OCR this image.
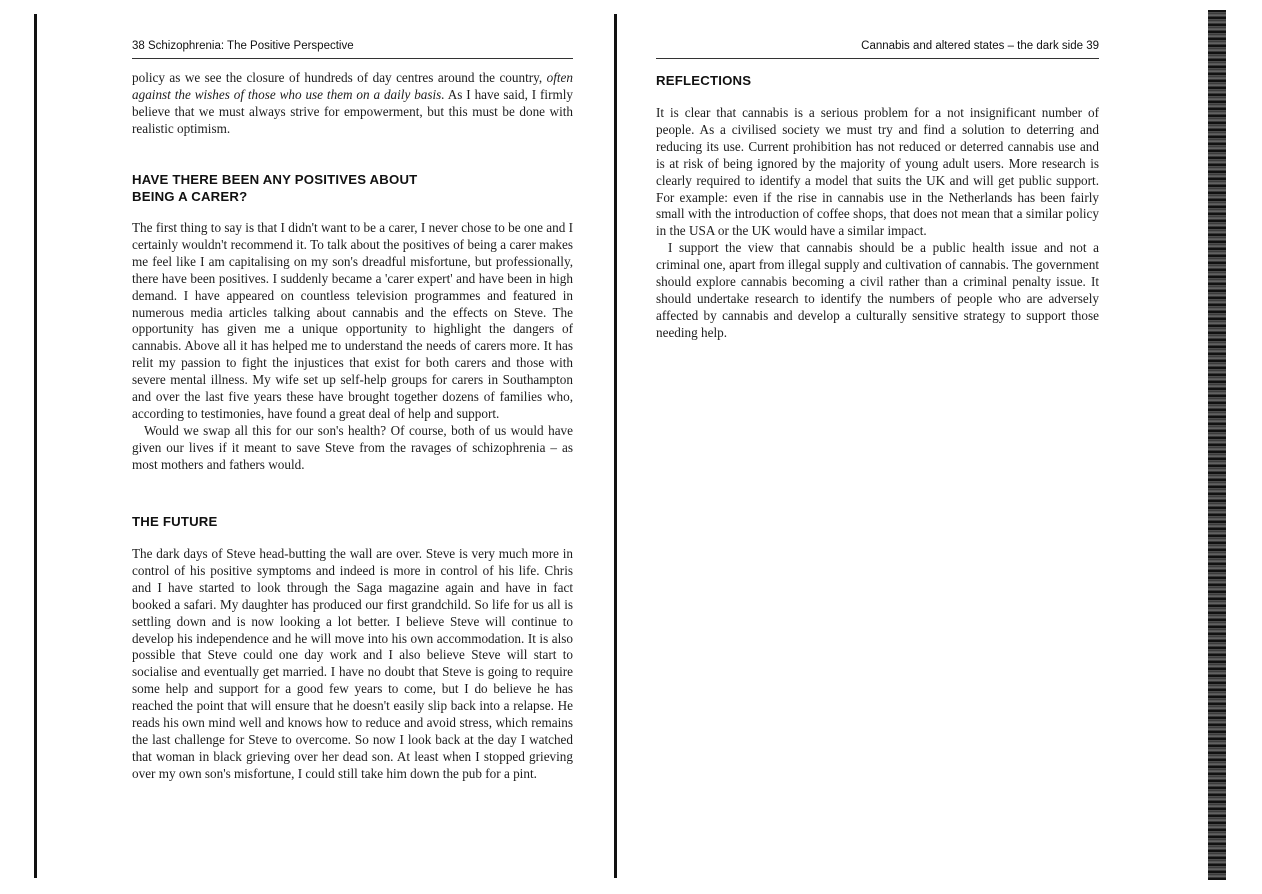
38 Schizophrenia: The Positive Perspective

policy as we see the closure of hundreds of day centres around the country, often against the wishes of those who use them on a daily basis. As I have said, I firmly believe that we must always strive for empowerment, but this must be done with realistic optimism.

HAVE THERE BEEN ANY POSITIVES ABOUT BEING A CARER?

The first thing to say is that I didn't want to be a carer, I never chose to be one and I certainly wouldn't recommend it. To talk about the positives of being a carer makes me feel like I am capitalising on my son's dreadful misfortune, but professionally, there have been positives. I suddenly became a 'carer expert' and have been in high demand. I have appeared on countless television programmes and featured in numerous media articles talking about cannabis and the effects on Steve. The opportunity has given me a unique opportunity to highlight the dangers of cannabis. Above all it has helped me to understand the needs of carers more. It has relit my passion to fight the injustices that exist for both carers and those with severe mental illness. My wife set up self-help groups for carers in Southampton and over the last five years these have brought together dozens of families who, according to testimonies, have found a great deal of help and support.

Would we swap all this for our son's health? Of course, both of us would have given our lives if it meant to save Steve from the ravages of schizophrenia – as most mothers and fathers would.

THE FUTURE

The dark days of Steve head-butting the wall are over. Steve is very much more in control of his positive symptoms and indeed is more in control of his life. Chris and I have started to look through the Saga magazine again and have in fact booked a safari. My daughter has produced our first grandchild. So life for us all is settling down and is now looking a lot better. I believe Steve will continue to develop his independence and he will move into his own accommodation. It is also possible that Steve could one day work and I also believe Steve will start to socialise and eventually get married. I have no doubt that Steve is going to require some help and support for a good few years to come, but I do believe he has reached the point that will ensure that he doesn't easily slip back into a relapse. He reads his own mind well and knows how to reduce and avoid stress, which remains the last challenge for Steve to overcome. So now I look back at the day I watched that woman in black grieving over her dead son. At least when I stopped grieving over my own son's misfortune, I could still take him down the pub for a pint.

Cannabis and altered states – the dark side 39
REFLECTIONS

It is clear that cannabis is a serious problem for a not insignificant number of people. As a civilised society we must try and find a solution to deterring and reducing its use. Current prohibition has not reduced or deterred cannabis use and is at risk of being ignored by the majority of young adult users. More research is clearly required to identify a model that suits the UK and will get public support. For example: even if the rise in cannabis use in the Netherlands has been fairly small with the introduction of coffee shops, that does not mean that a similar policy in the USA or the UK would have a similar impact.

I support the view that cannabis should be a public health issue and not a criminal one, apart from illegal supply and cultivation of cannabis. The government should explore cannabis becoming a civil rather than a criminal penalty issue. It should undertake research to identify the numbers of people who are adversely affected by cannabis and develop a culturally sensitive strategy to support those needing help.
